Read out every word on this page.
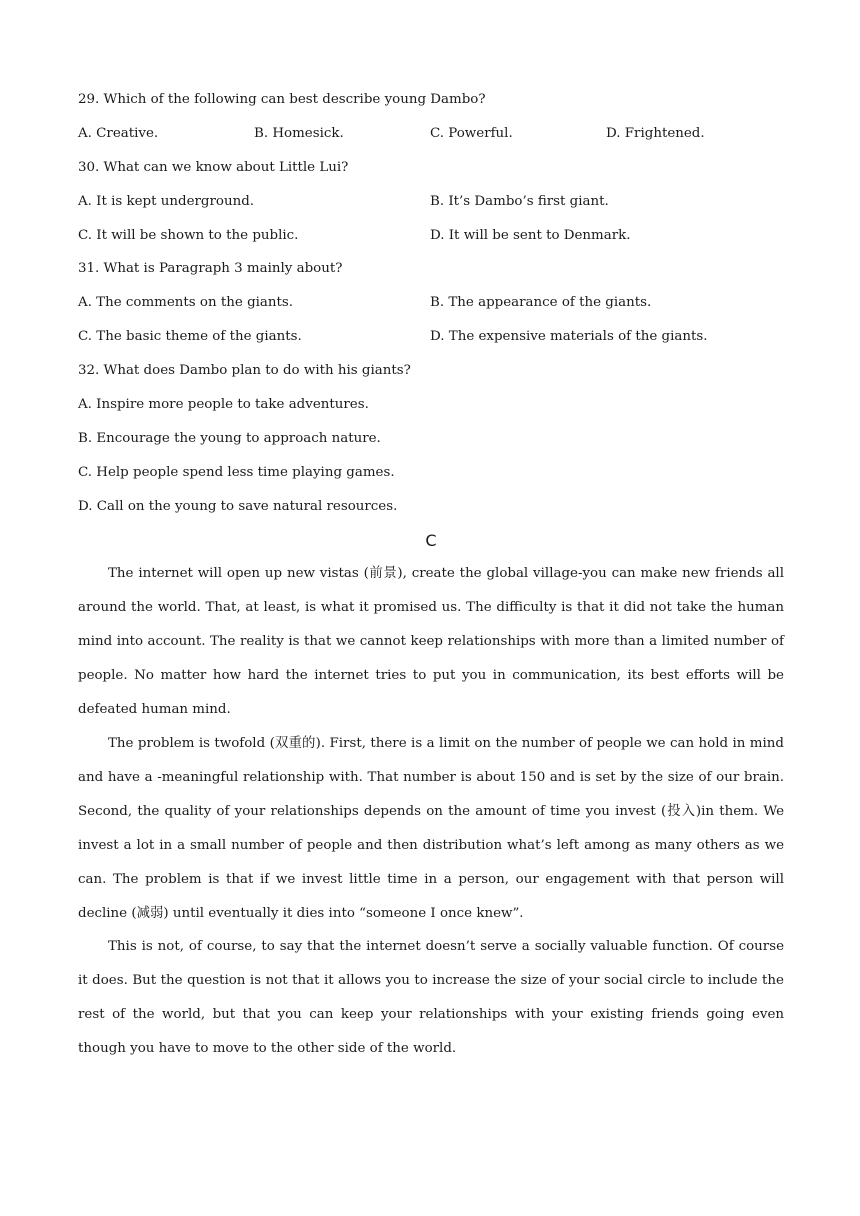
29. Which of the following can best describe young Dambo?
A. Creative.	B. Homesick.	C. Powerful.	D. Frightened.
30. What can we know about Little Lui?
A. It is kept underground.	B. It’s Dambo’s first giant.
C. It will be shown to the public.	D. It will be sent to Denmark.
31. What is Paragraph 3 mainly about?
A. The comments on the giants.	B. The appearance of the giants.
C. The basic theme of the giants.	D. The expensive materials of the giants.
32. What does Dambo plan to do with his giants?
A. Inspire more people to take adventures.
B. Encourage the young to approach nature.
C. Help people spend less time playing games.
D. Call on the young to save natural resources.
C

The internet will open up new vistas (前景), create the global village-you can make new friends all around the world. That, at least, is what it promised us. The difficulty is that it did not take the human mind into account. The reality is that we cannot keep relationships with more than a limited number of people. No matter how hard the internet tries to put you in communication, its best efforts will be defeated human mind.

The problem is twofold (双重的). First, there is a limit on the number of people we can hold in mind and have a -meaningful relationship with. That number is about 150 and is set by the size of our brain. Second, the quality of your relationships depends on the amount of time you invest (投入)in them. We invest a lot in a small number of people and then distribution what’s left among as many others as we can. The problem is that if we invest little time in a person, our engagement with that person will decline (减弱) until eventually it dies into “someone I once knew”.

This is not, of course, to say that the internet doesn’t serve a socially valuable function. Of course it does. But the question is not that it allows you to increase the size of your social circle to include the rest of the world, but that you can keep your relationships with your existing friends going even though you have to move to the other side of the world.
